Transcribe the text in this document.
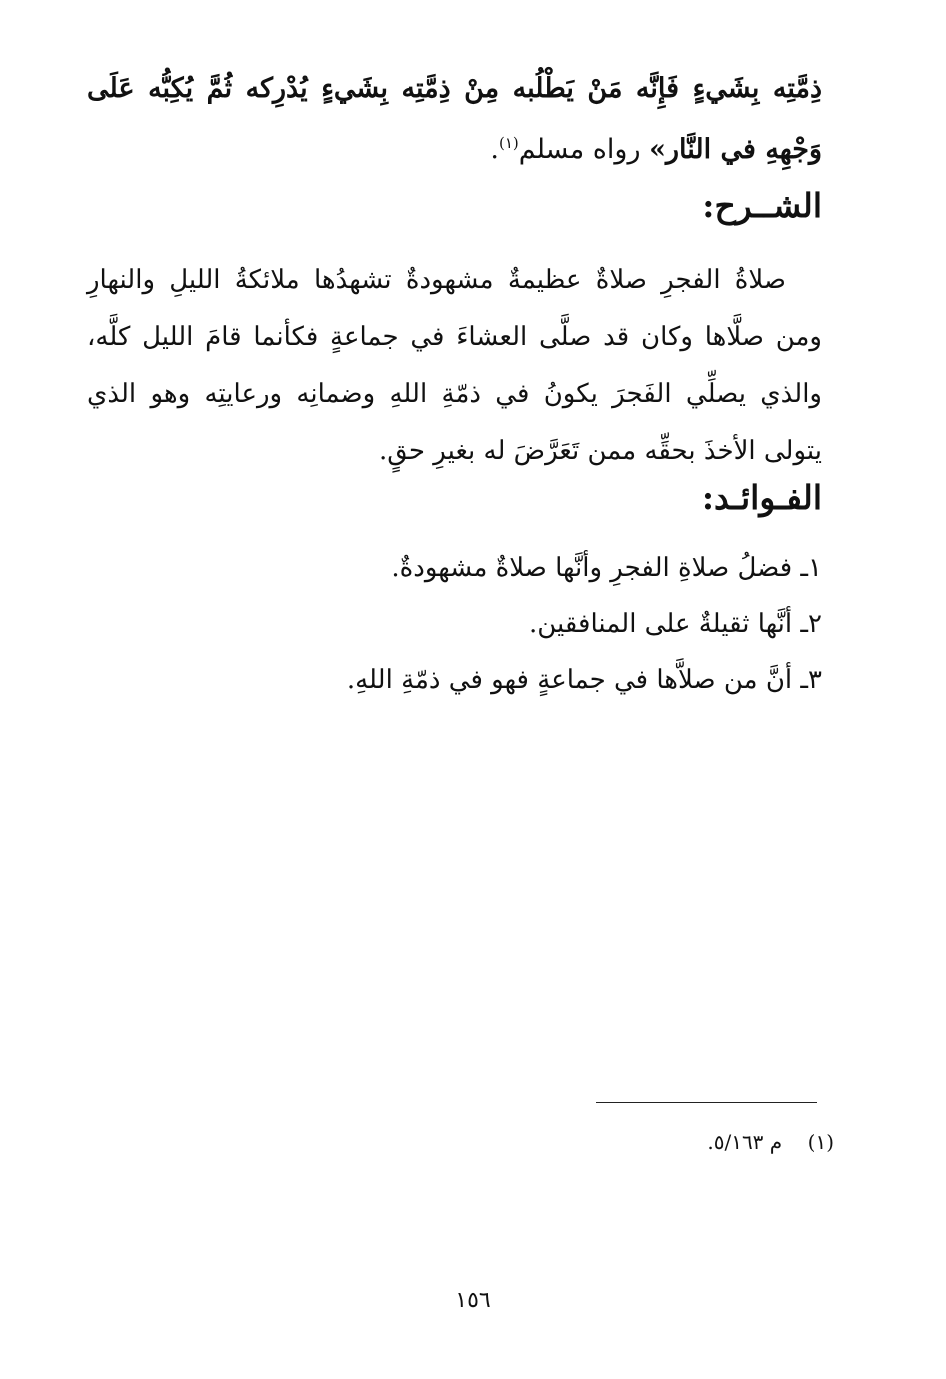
ذِمَّتِه بِشَيءٍ فَإِنَّه مَنْ يَطْلُبه مِنْ ذِمَّتِه بِشَيءٍ يُدْرِكه ثُمَّ يُكِبُّه عَلَى وَجْهِهِ في النَّار» رواه مسلم$^{(١)}$.

الشــرح:

صلاةُ الفجرِ صلاةٌ عظيمةٌ مشهودةٌ تشهدُها ملائكةُ الليلِ والنهارِ ومن صلَّاها وكان قد صلَّى العشاءَ في جماعةٍ فكأنما قامَ الليل كلَّه، والذي يصلِّي الفَجرَ يكونُ في ذمّةِ اللهِ وضمانِه ورعايتِه وهو الذي يتولى الأخذَ بحقِّه ممن تَعَرَّضَ له بغيرِ حقٍ.

الفـوائـد:
١ـ فضلُ صلاةِ الفجرِ وأنَّها صلاةٌ مشهودةٌ.
٢ـ أنَّها ثقيلةٌ على المنافقين.
٣ـ أنَّ من صلاَّها في جماعةٍ فهو في ذمّةِ اللهِ.
(١)    م ٥/١٦٣.
١٥٦
